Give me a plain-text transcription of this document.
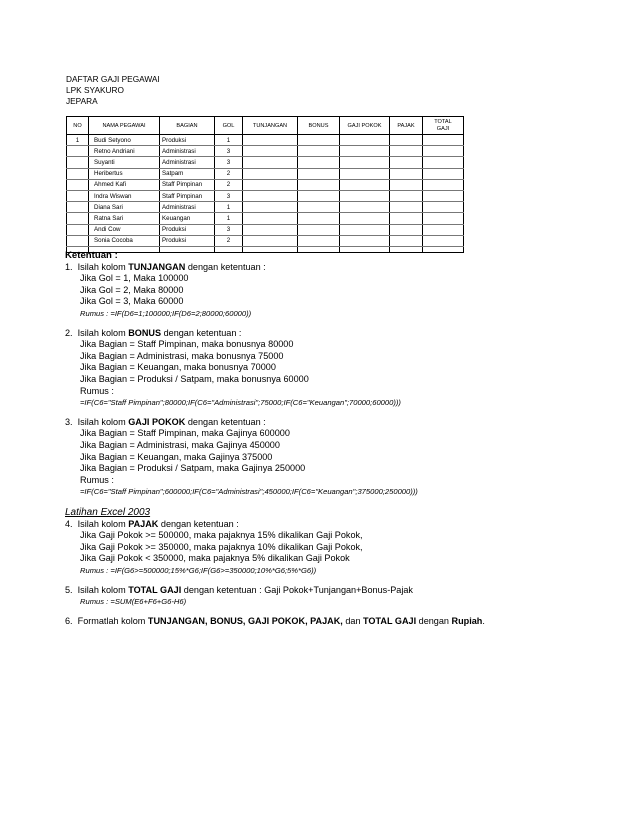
DAFTAR GAJI PEGAWAI
LPK SYAKURO
JEPARA
NO	NAMA PEGAWAI	BAGIAN	GOL	TUNJANGAN	BONUS	GAJI POKOK	PAJAK	TOTAL
GAJI
1	Budi Setyono	Produksi	1					
	Retno Andriani	Administrasi	3					
	Suyanti	Administrasi	3					
	Heribertus	Satpam	2					
	Ahmed Kafi	Staff Pimpinan	2					
	Indra Wiswan	Staff Pimpinan	3					
	Diana Sari	Administrasi	1					
	Ratna Sari	Keuangan	1					
	Andi Cow	Produksi	3					
	Sonia Cocoba	Produksi	2					

Ketentuan :
1. Isilah kolom TUNJANGAN dengan ketentuan :
Jika Gol = 1, Maka 100000
Jika Gol = 2, Maka 80000
Jika Gol = 3, Maka 60000
Rumus : =IF(D6=1;100000;IF(D6=2;80000;60000))
2. Isilah kolom BONUS dengan ketentuan :
Jika Bagian = Staff Pimpinan, maka bonusnya 80000
Jika Bagian = Administrasi, maka bonusnya 75000
Jika Bagian = Keuangan, maka bonusnya 70000
Jika Bagian = Produksi / Satpam, maka bonusnya 60000
Rumus :
=IF(C6="Staff Pimpinan";80000;IF(C6="Administrasi";75000;IF(C6="Keuangan";70000;60000)))
3. Isilah kolom GAJI POKOK dengan ketentuan :
Jika Bagian = Staff Pimpinan, maka Gajinya 600000
Jika Bagian = Administrasi, maka Gajinya 450000
Jika Bagian = Keuangan, maka Gajinya 375000
Jika Bagian = Produksi / Satpam, maka Gajinya 250000
Rumus :
=IF(C6="Staff Pimpinan";600000;IF(C6="Administrasi";450000;IF(C6="Keuangan";375000;250000)))
Latihan Excel 2003
4. Isilah kolom PAJAK dengan ketentuan :
Jika Gaji Pokok >= 500000, maka pajaknya 15% dikalikan Gaji Pokok,
Jika Gaji Pokok >= 350000, maka pajaknya 10% dikalikan Gaji Pokok,
Jika Gaji Pokok < 350000, maka pajaknya 5% dikalikan Gaji Pokok
Rumus : =IF(G6>=500000;15%*G6;IF(G6>=350000;10%*G6;5%*G6))
5. Isilah kolom TOTAL GAJI dengan ketentuan : Gaji Pokok+Tunjangan+Bonus-Pajak
Rumus : =SUM(E6+F6+G6-H6)
6. Formatlah kolom TUNJANGAN, BONUS, GAJI POKOK, PAJAK, dan TOTAL GAJI dengan Rupiah.
